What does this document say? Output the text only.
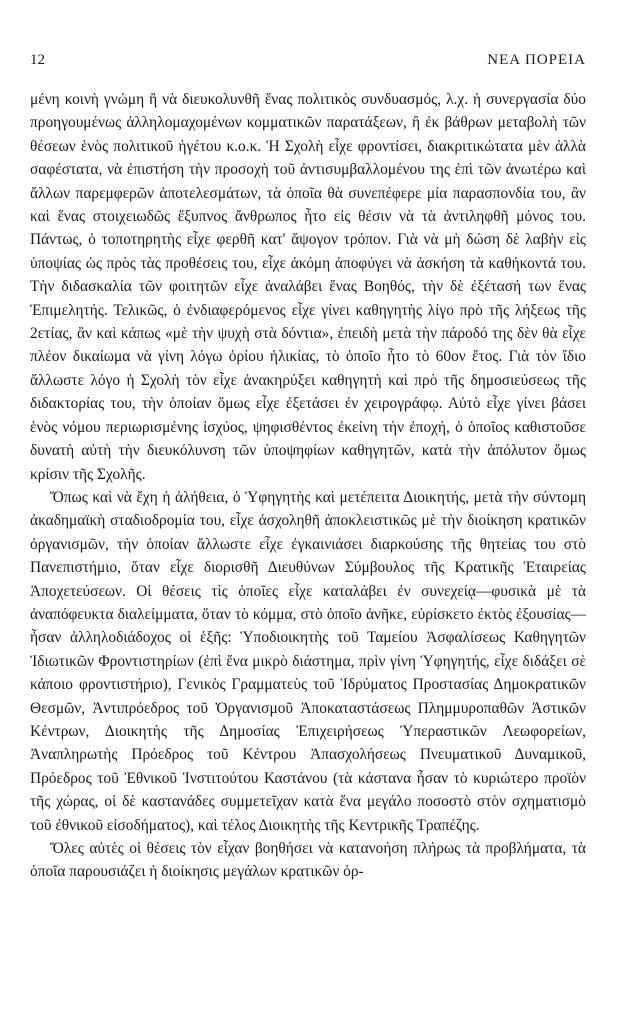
12	ΝΕΑ ΠΟΡΕΙΑ

μένη κοινὴ γνώμη ἢ νὰ διευκολυνθῆ ἕνας πολιτικὸς συνδυασμός, λ.χ. ἡ συνεργασία δύο προηγουμένως ἀλληλομαχομένων κομματικῶν παρατάξεων, ἢ ἐκ βάθρων μεταβολὴ τῶν θέσεων ἑνὸς πολιτικοῦ ἡγέτου κ.ο.κ. Ἡ Σχολὴ εἶχε φροντίσει, διακριτικώτατα μὲν ἀλλὰ σαφέστατα, νὰ ἐπιστήση τὴν προσοχὴ τοῦ ἀντισυμβαλλομένου της ἐπὶ τῶν ἀνωτέρω καὶ ἄλλων παρεμφερῶν ἀποτελεσμάτων, τὰ ὁποῖα θὰ συνεπέφερε μία παρασπονδία του, ἂν καὶ ἕνας στοιχειωδῶς ἔξυπνος ἄνθρωπος ἦτο εἰς θέσιν νὰ τὰ ἀντιληφθῆ μόνος του. Πάντως, ὁ τοποτηρητὴς εἶχε φερθῆ κατ' ἄψογον τρόπον. Γιὰ νὰ μὴ δώση δὲ λαβὴν εἰς ὑποψίας ὡς πρὸς τὰς προθέσεις του, εἶχε ἀκόμη ἀποφύγει νὰ ἀσκήση τὰ καθήκοντά του. Τὴν διδασκαλία τῶν φοιτητῶν εἶχε ἀναλάβει ἕνας Βοηθός, τὴν δὲ ἐξέτασή των ἕνας Ἐπιμελητής. Τελικῶς, ὁ ἐνδιαφερόμενος εἶχε γίνει καθηγητὴς λίγο πρὸ τῆς λήξεως τῆς 2ετίας, ἂν καὶ κάπως «μὲ τὴν ψυχὴ στὰ δόντια», ἐπειδὴ μετὰ τὴν πάροδό της δὲν θὰ εἶχε πλέον δικαίωμα νὰ γίνη λόγω ὁρίου ἡλικίας, τὸ ὁποῖο ἦτο τὸ 60ον ἔτος. Γιὰ τὸν ἴδιο ἄλλωστε λόγο ἡ Σχολὴ τὸν εἶχε ἀνακηρύξει καθηγητὴ καὶ πρὸ τῆς δημοσιεύσεως τῆς διδακτορίας του, τὴν ὁποίαν ὅμως εἶχε ἐξετάσει ἐν χειρογράφῳ. Αὐτὸ εἶχε γίνει βάσει ἑνὸς νόμου περιωρισμένης ἰσχύος, ψηφισθέντος ἐκείνη τὴν ἐποχή, ὁ ὁποῖος καθιστοῦσε δυνατὴ αὐτὴ τὴν διευκόλυνση τῶν ὑποψηφίων καθηγητῶν, κατὰ τὴν ἀπόλυτον ὅμως κρίσιν τῆς Σχολῆς.

Ὅπως καὶ νὰ ἔχη ἡ ἀλήθεια, ὁ Ὑφηγητὴς καὶ μετέπειτα Διοικητής, μετὰ τὴν σύντομη ἀκαδημαϊκὴ σταδιοδρομία του, εἶχε ἀσχοληθῆ ἀποκλειστικῶς μὲ τὴν διοίκηση κρατικῶν ὀργανισμῶν, τὴν ὁποίαν ἄλλωστε εἶχε ἐγκαινιάσει διαρκούσης τῆς θητείας του στὸ Πανεπιστήμιο, ὅταν εἶχε διορισθῆ Διευθύνων Σύμβουλος τῆς Κρατικῆς Ἑταιρείας Ἀποχετεύσεων. Οἱ θέσεις τὶς ὁποῖες εἶχε καταλάβει ἐν συνεχείᾳ—φυσικὰ μὲ τὰ ἀναπόφευκτα διαλείμματα, ὅταν τὸ κόμμα, στὸ ὁποῖο ἀνῆκε, εὑρίσκετο ἐκτὸς ἐξουσίας—ἦσαν ἀλληλοδιάδοχος οἱ ἑξῆς: Ὑποδιοικητὴς τοῦ Ταμείου Ἀσφαλίσεως Καθηγητῶν Ἰδιωτικῶν Φροντιστηρίων (ἐπὶ ἕνα μικρὸ διάστημα, πρὶν γίνη Ὑφηγητής, εἶχε διδάξει σὲ κάποιο φροντιστήριο), Γενικὸς Γραμματεὺς τοῦ Ἱδρύματος Προστασίας Δημοκρατικῶν Θεσμῶν, Ἀντιπρόεδρος τοῦ Ὀργανισμοῦ Ἀποκαταστάσεως Πλημμυροπαθῶν Ἀστικῶν Κέντρων, Διοικητὴς τῆς Δημοσίας Ἐπιχειρήσεως Ὑπεραστικῶν Λεωφορείων, Ἀναπληρωτὴς Πρόεδρος τοῦ Κέντρου Ἀπασχολήσεως Πνευματικοῦ Δυναμικοῦ, Πρόεδρος τοῦ Ἐθνικοῦ Ἰνστιτούτου Καστάνου (τὰ κάστανα ἦσαν τὸ κυριώτερο προϊὸν τῆς χώρας, οἱ δὲ καστανάδες συμμετεῖχαν κατὰ ἕνα μεγάλο ποσοστὸ στὸν σχηματισμὸ τοῦ ἐθνικοῦ εἰσοδήματος), καὶ τέλος Διοικητὴς τῆς Κεντρικῆς Τραπέζης.

Ὅλες αὐτὲς οἱ θέσεις τὸν εἶχαν βοηθήσει νὰ κατανοήση πλήρως τὰ προβλήματα, τὰ ὁποῖα παρουσιάζει ἡ διοίκησις μεγάλων κρατικῶν ὀρ-
